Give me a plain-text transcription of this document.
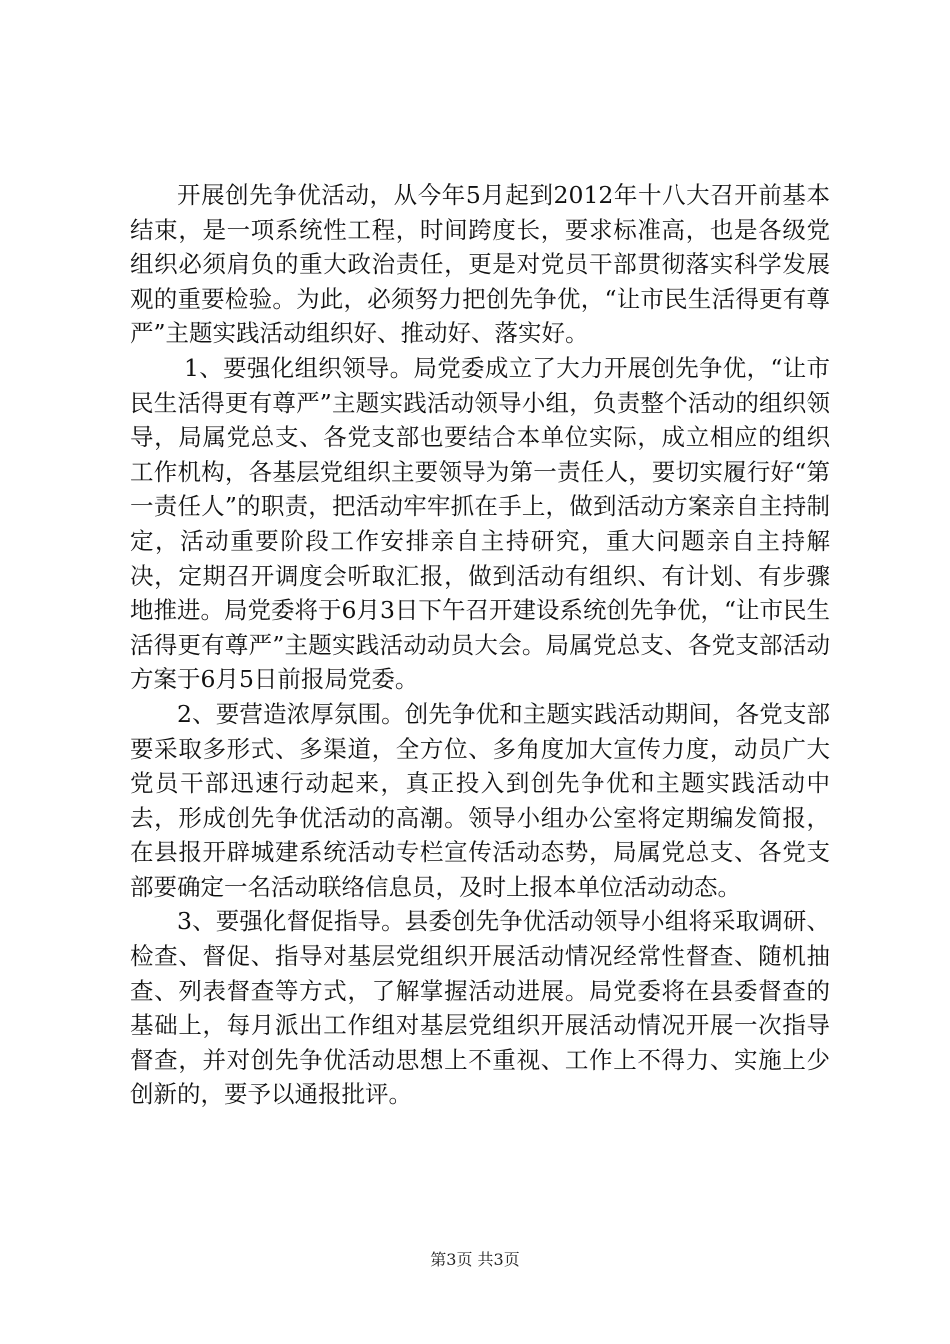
开展创先争优活动，从今年5月起到2012年十八大召开前基本结束，是一项系统性工程，时间跨度长，要求标准高，也是各级党组织必须肩负的重大政治责任，更是对党员干部贯彻落实科学发展观的重要检验。为此，必须努力把创先争优，“让市民生活得更有尊严”主题实践活动组织好、推动好、落实好。

1、要强化组织领导。局党委成立了大力开展创先争优，“让市民生活得更有尊严”主题实践活动领导小组，负责整个活动的组织领导，局属党总支、各党支部也要结合本单位实际，成立相应的组织工作机构，各基层党组织主要领导为第一责任人，要切实履行好“第一责任人”的职责，把活动牢牢抓在手上，做到活动方案亲自主持制定，活动重要阶段工作安排亲自主持研究，重大问题亲自主持解决，定期召开调度会听取汇报，做到活动有组织、有计划、有步骤地推进。局党委将于6月3日下午召开建设系统创先争优，“让市民生活得更有尊严”主题实践活动动员大会。局属党总支、各党支部活动方案于6月5日前报局党委。

2、要营造浓厚氛围。创先争优和主题实践活动期间，各党支部要采取多形式、多渠道，全方位、多角度加大宣传力度，动员广大党员干部迅速行动起来，真正投入到创先争优和主题实践活动中去，形成创先争优活动的高潮。领导小组办公室将定期编发简报，在县报开辟城建系统活动专栏宣传活动态势，局属党总支、各党支部要确定一名活动联络信息员，及时上报本单位活动动态。

3、要强化督促指导。县委创先争优活动领导小组将采取调研、检查、督促、指导对基层党组织开展活动情况经常性督查、随机抽查、列表督查等方式，了解掌握活动进展。局党委将在县委督查的基础上，每月派出工作组对基层党组织开展活动情况开展一次指导督查，并对创先争优活动思想上不重视、工作上不得力、实施上少创新的，要予以通报批评。

第3页 共3页
